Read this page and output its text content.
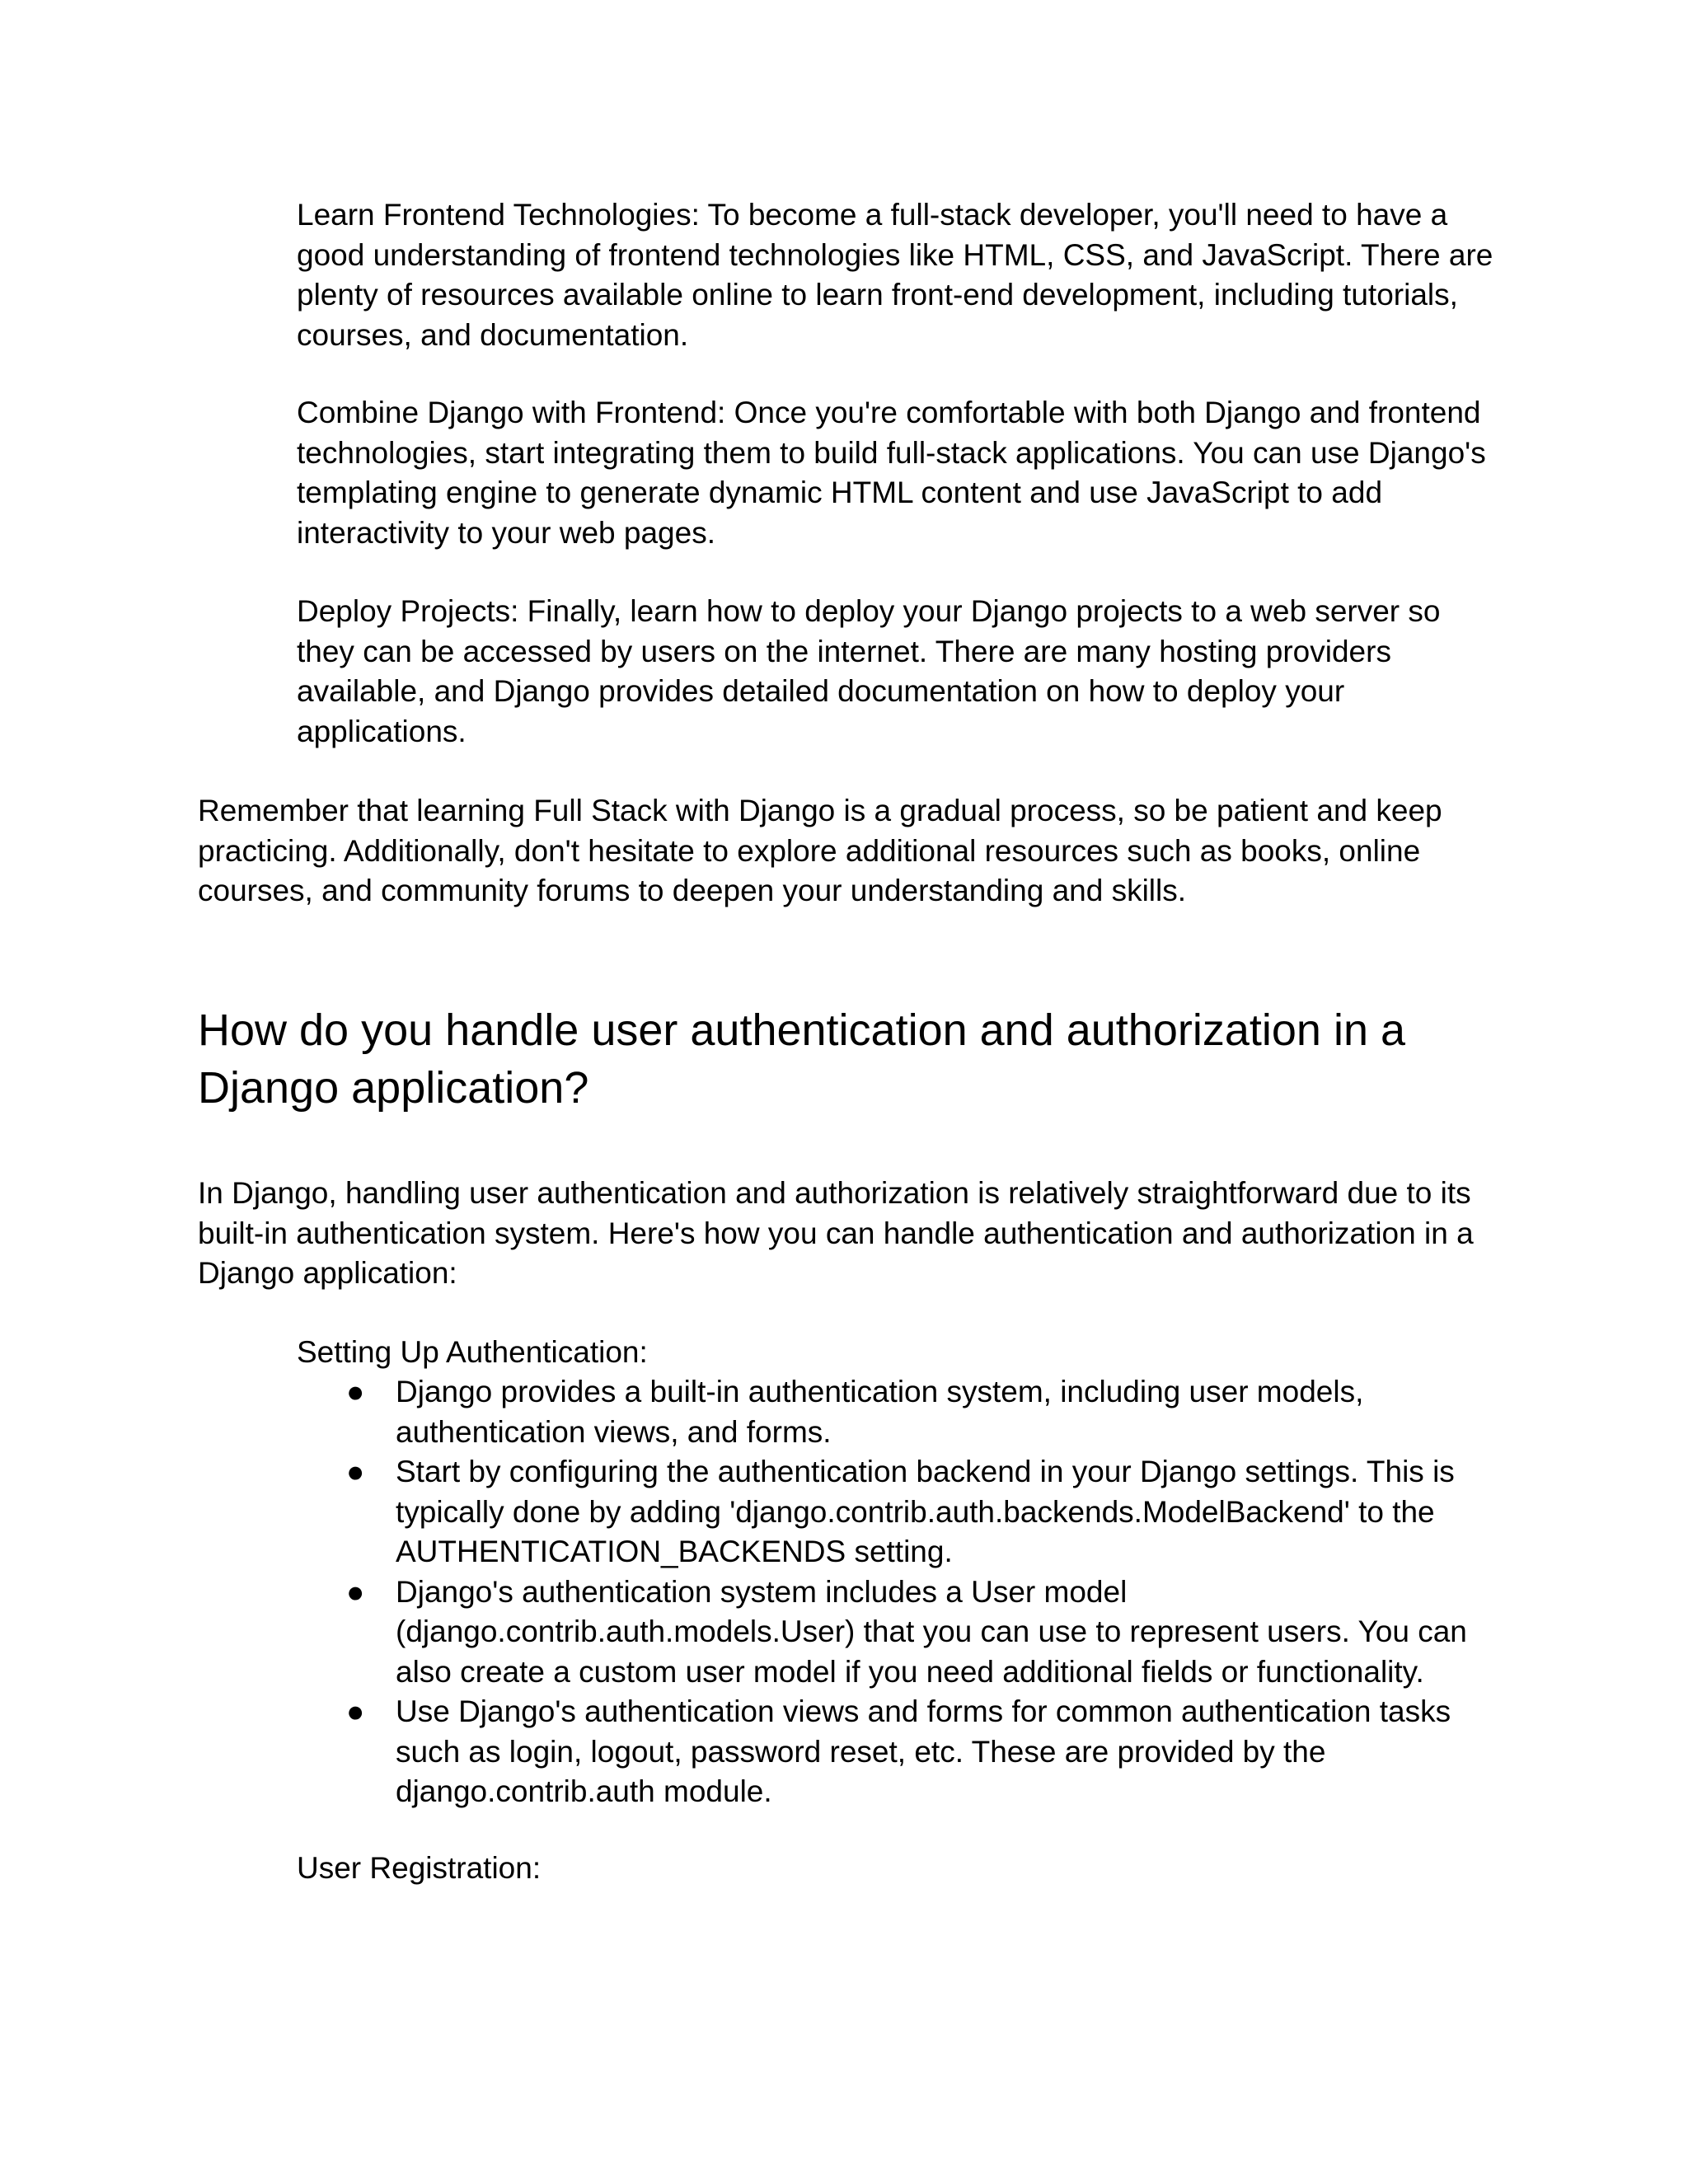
Learn Frontend Technologies: To become a full-stack developer, you'll need to have a
good understanding of frontend technologies like HTML, CSS, and JavaScript. There are
plenty of resources available online to learn front-end development, including tutorials,
courses, and documentation.

Combine Django with Frontend: Once you're comfortable with both Django and frontend
technologies, start integrating them to build full-stack applications. You can use Django's
templating engine to generate dynamic HTML content and use JavaScript to add
interactivity to your web pages.

Deploy Projects: Finally, learn how to deploy your Django projects to a web server so
they can be accessed by users on the internet. There are many hosting providers
available, and Django provides detailed documentation on how to deploy your
applications.

Remember that learning Full Stack with Django is a gradual process, so be patient and keep
practicing. Additionally, don't hesitate to explore additional resources such as books, online
courses, and community forums to deepen your understanding and skills.

How do you handle user authentication and authorization in a
Django application?

In Django, handling user authentication and authorization is relatively straightforward due to its
built-in authentication system. Here's how you can handle authentication and authorization in a
Django application:

Setting Up Authentication:

● Django provides a built-in authentication system, including user models,
authentication views, and forms.
● Start by configuring the authentication backend in your Django settings. This is
typically done by adding 'django.contrib.auth.backends.ModelBackend' to the
AUTHENTICATION_BACKENDS setting.
● Django's authentication system includes a User model
(django.contrib.auth.models.User) that you can use to represent users. You can
also create a custom user model if you need additional fields or functionality.
● Use Django's authentication views and forms for common authentication tasks
such as login, logout, password reset, etc. These are provided by the
django.contrib.auth module.

User Registration:
